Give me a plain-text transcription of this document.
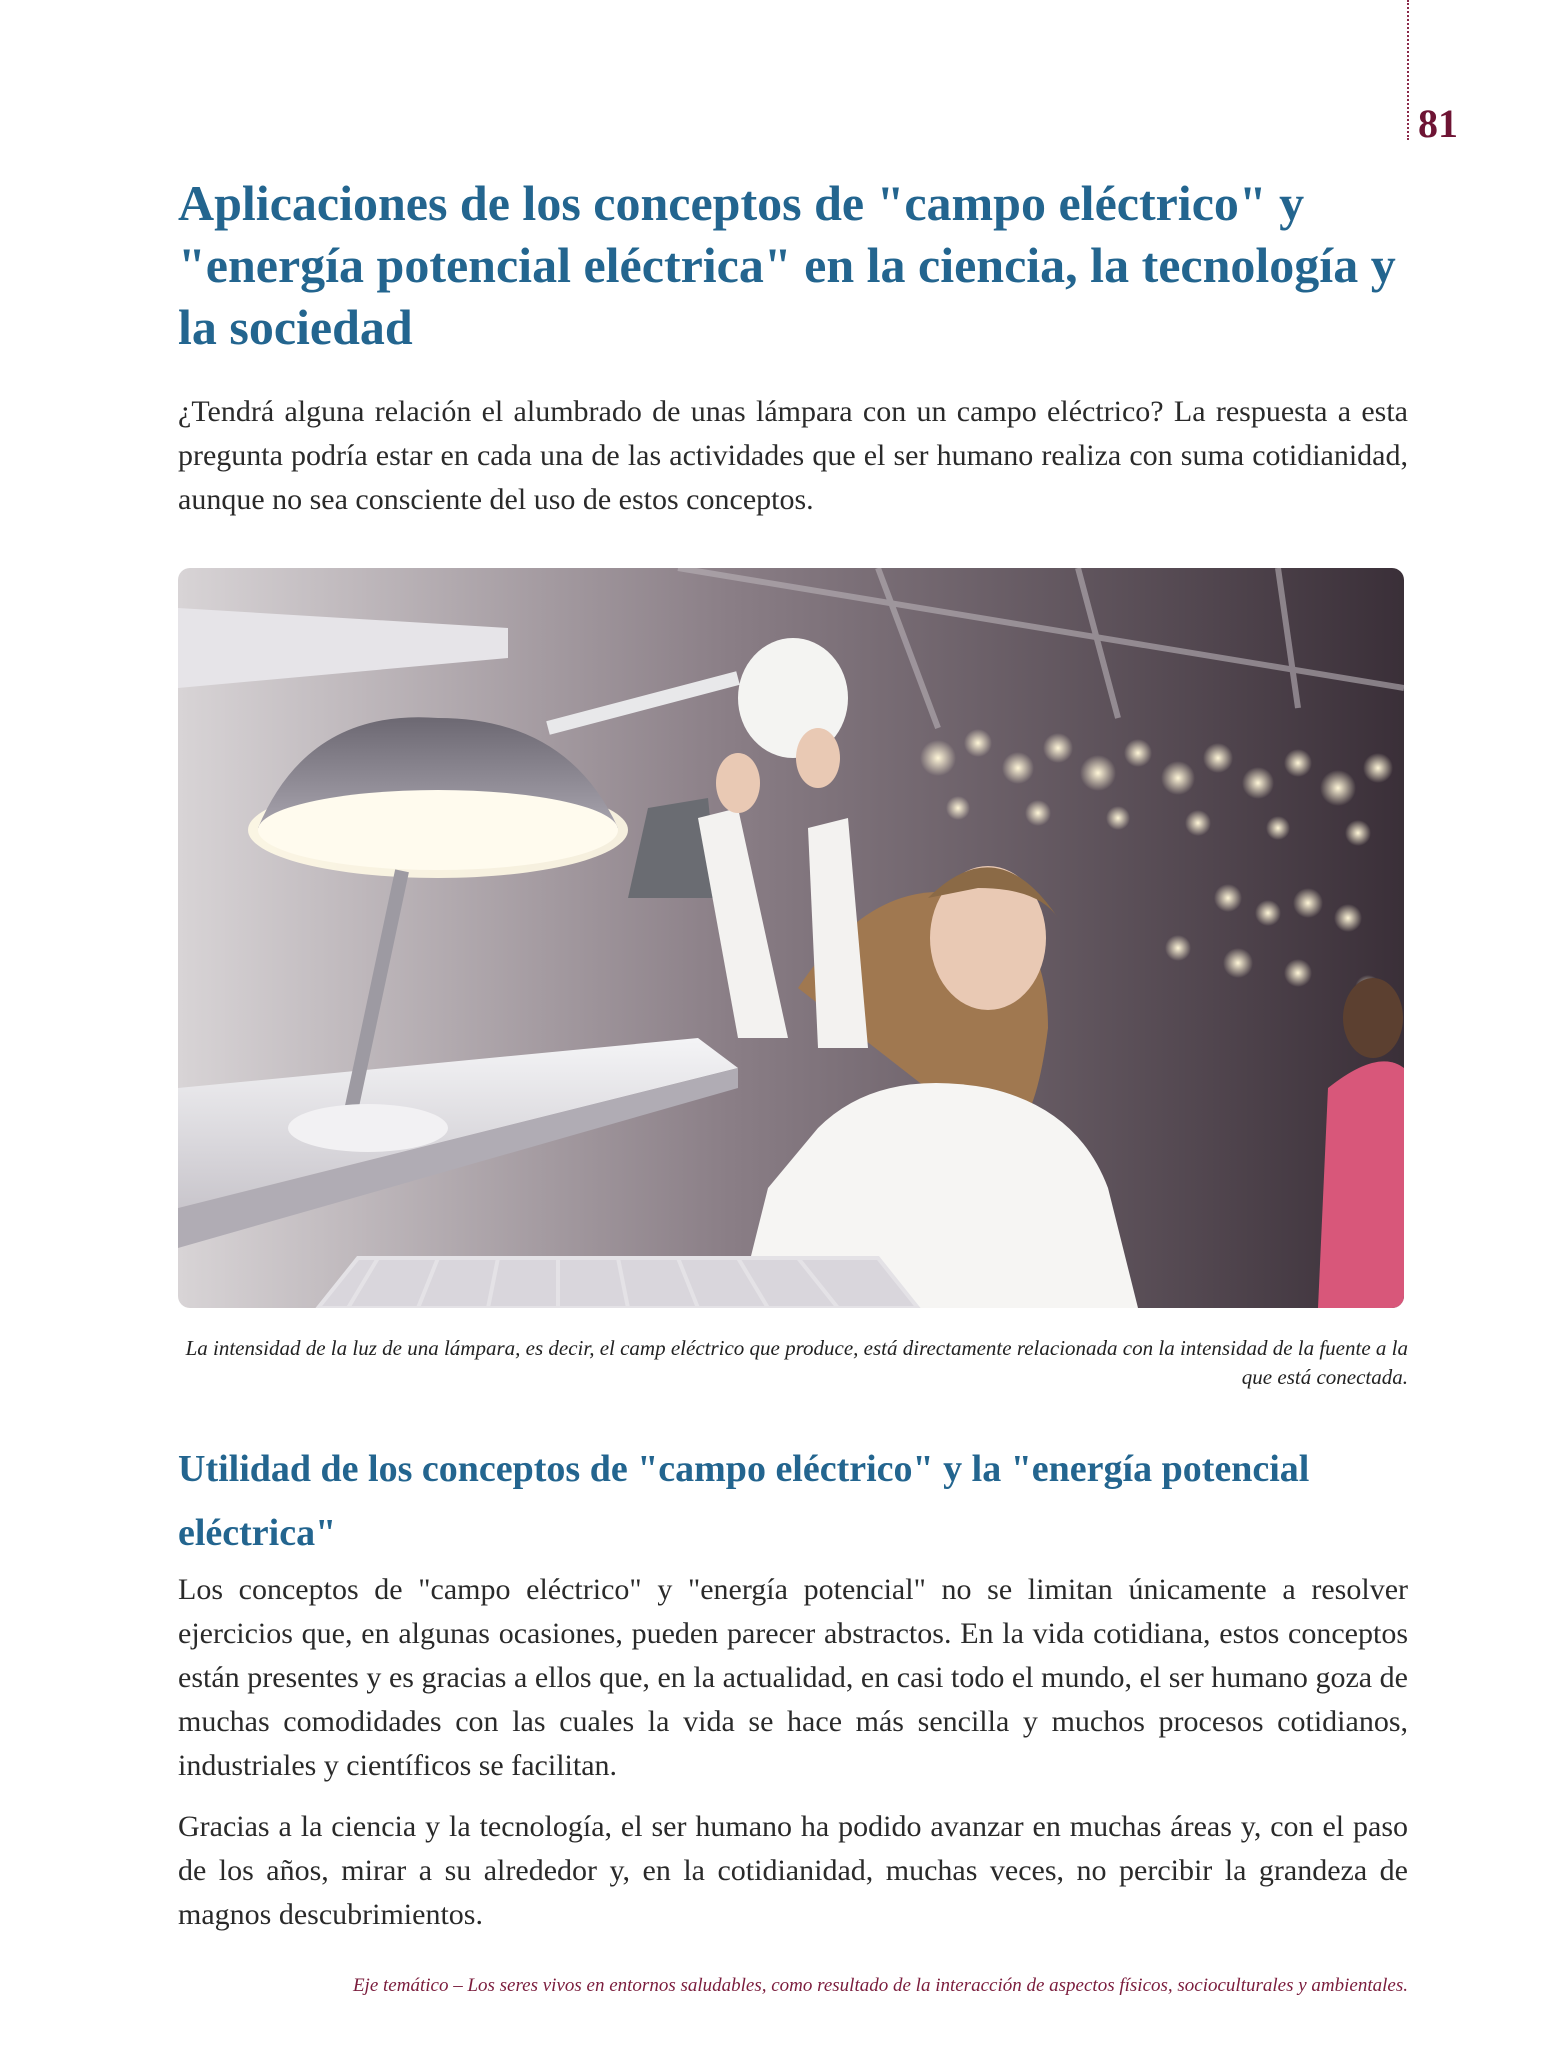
81
Aplicaciones de los conceptos de "campo eléctrico" y "energía potencial eléctrica" en la ciencia, la tecnología y la sociedad

¿Tendrá alguna relación el alumbrado de unas lámpara con un campo eléctrico? La respuesta a esta pregunta podría estar en cada una de las actividades que el ser humano realiza con suma cotidianidad, aunque no sea consciente del uso de estos conceptos.

La intensidad de la luz de una lámpara, es decir, el camp eléctrico que produce, está directamente relacionada con la intensidad de la fuente a la que está conectada.

Utilidad de los conceptos de "campo eléctrico" y la "energía potencial eléctrica"

Los conceptos de "campo eléctrico" y "energía potencial" no se limitan únicamente a resolver ejercicios que, en algunas ocasiones, pueden parecer abstractos. En la vida cotidiana, estos conceptos están presentes y es gracias a ellos que, en la actualidad, en casi todo el mundo, el ser humano goza de muchas comodidades con las cuales la vida se hace más sencilla y muchos procesos cotidianos, industriales y científicos se facilitan.

Gracias a la ciencia y la tecnología, el ser humano ha podido avanzar en muchas áreas y, con el paso de los años, mirar a su alrededor y, en la cotidianidad, muchas veces, no percibir la grandeza de magnos descubrimientos.

Eje temático – Los seres vivos en entornos saludables, como resultado de la interacción de aspectos físicos, socioculturales y ambientales.
